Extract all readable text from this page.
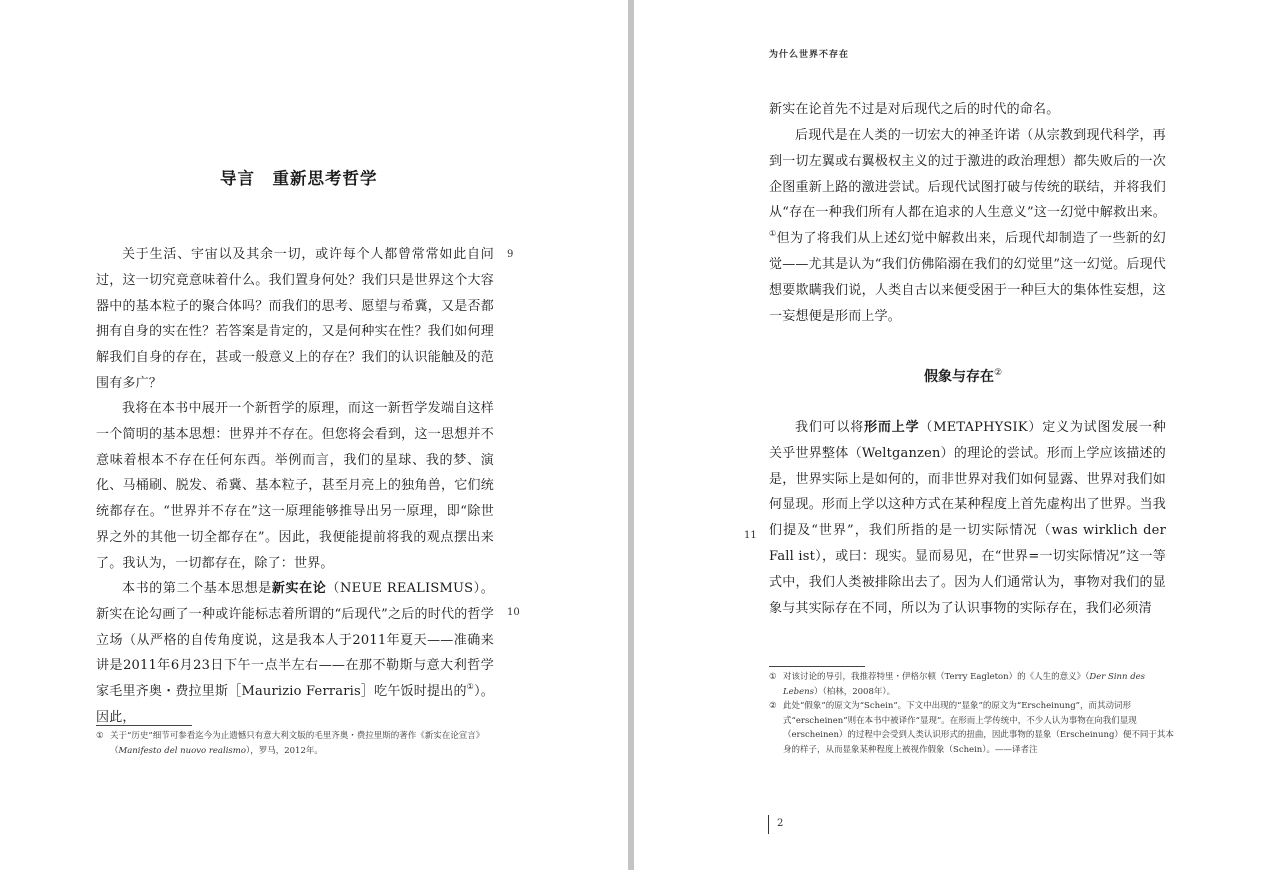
导言　重新思考哲学

关于生活、宇宙以及其余一切，或许每个人都曾常常如此自问过，这一切究竟意味着什么。我们置身何处？我们只是世界这个大容器中的基本粒子的聚合体吗？而我们的思考、愿望与希冀，又是否都拥有自身的实在性？若答案是肯定的，又是何种实在性？我们如何理解我们自身的存在，甚或一般意义上的存在？我们的认识能触及的范围有多广？

我将在本书中展开一个新哲学的原理，而这一新哲学发端自这样一个简明的基本思想：世界并不存在。但您将会看到，这一思想并不意味着根本不存在任何东西。举例而言，我们的星球、我的梦、演化、马桶刷、脱发、希冀、基本粒子，甚至月亮上的独角兽，它们统统都存在。“世界并不存在”这一原理能够推导出另一原理，即“除世界之外的其他一切全都存在”。因此，我便能提前将我的观点摆出来了。我认为，一切都存在，除了：世界。

本书的第二个基本思想是新实在论（NEUE REALISMUS）。新实在论勾画了一种或许能标志着所谓的“后现代”之后的时代的哲学立场（从严格的自传角度说，这是我本人于2011年夏天——准确来讲是2011年6月23日下午一点半左右——在那不勒斯与意大利哲学家毛里齐奥・费拉里斯［Maurizio Ferraris］吃午饭时提出的①）。因此，

9
10

① 关于“历史”细节可参看迄今为止遗憾只有意大利文版的毛里齐奥・费拉里斯的著作《新实在论宣言》（Manifesto del nuovo realismo），罗马，2012年。

为什么世界不存在

新实在论首先不过是对后现代之后的时代的命名。

后现代是在人类的一切宏大的神圣许诺（从宗教到现代科学，再到一切左翼或右翼极权主义的过于激进的政治理想）都失败后的一次企图重新上路的激进尝试。后现代试图打破与传统的联结，并将我们从“存在一种我们所有人都在追求的人生意义”这一幻觉中解救出来。①但为了将我们从上述幻觉中解救出来，后现代却制造了一些新的幻觉——尤其是认为“我们仿佛陷溺在我们的幻觉里”这一幻觉。后现代想要欺瞒我们说，人类自古以来便受困于一种巨大的集体性妄想，这一妄想便是形而上学。

假象与存在②

我们可以将形而上学（METAPHYSIK）定义为试图发展一种关乎世界整体（Weltganzen）的理论的尝试。形而上学应该描述的是，世界实际上是如何的，而非世界对我们如何显露、世界对我们如何显现。形而上学以这种方式在某种程度上首先虚构出了世界。当我们提及“世界”，我们所指的是一切实际情况（was wirklich der Fall ist），或曰：现实。显而易见，在“世界=一切实际情况”这一等式中，我们人类被排除出去了。因为人们通常认为，事物对我们的显象与其实际存在不同，所以为了认识事物的实际存在，我们必须清

11

① 对该讨论的导引，我推荐特里・伊格尔顿（Terry Eagleton）的《人生的意义》（Der Sinn des Lebens）（柏林，2008年）。

② 此处“假象”的原文为“Schein”。下文中出现的“显象”的原文为“Erscheinung”，而其动词形式“erscheinen”则在本书中被译作“显现”。在形而上学传统中，不少人认为事物在向我们显现（erscheinen）的过程中会受到人类认识形式的扭曲，因此事物的显象（Erscheinung）便不同于其本身的样子，从而显象某种程度上被视作假象（Schein）。——译者注

2
